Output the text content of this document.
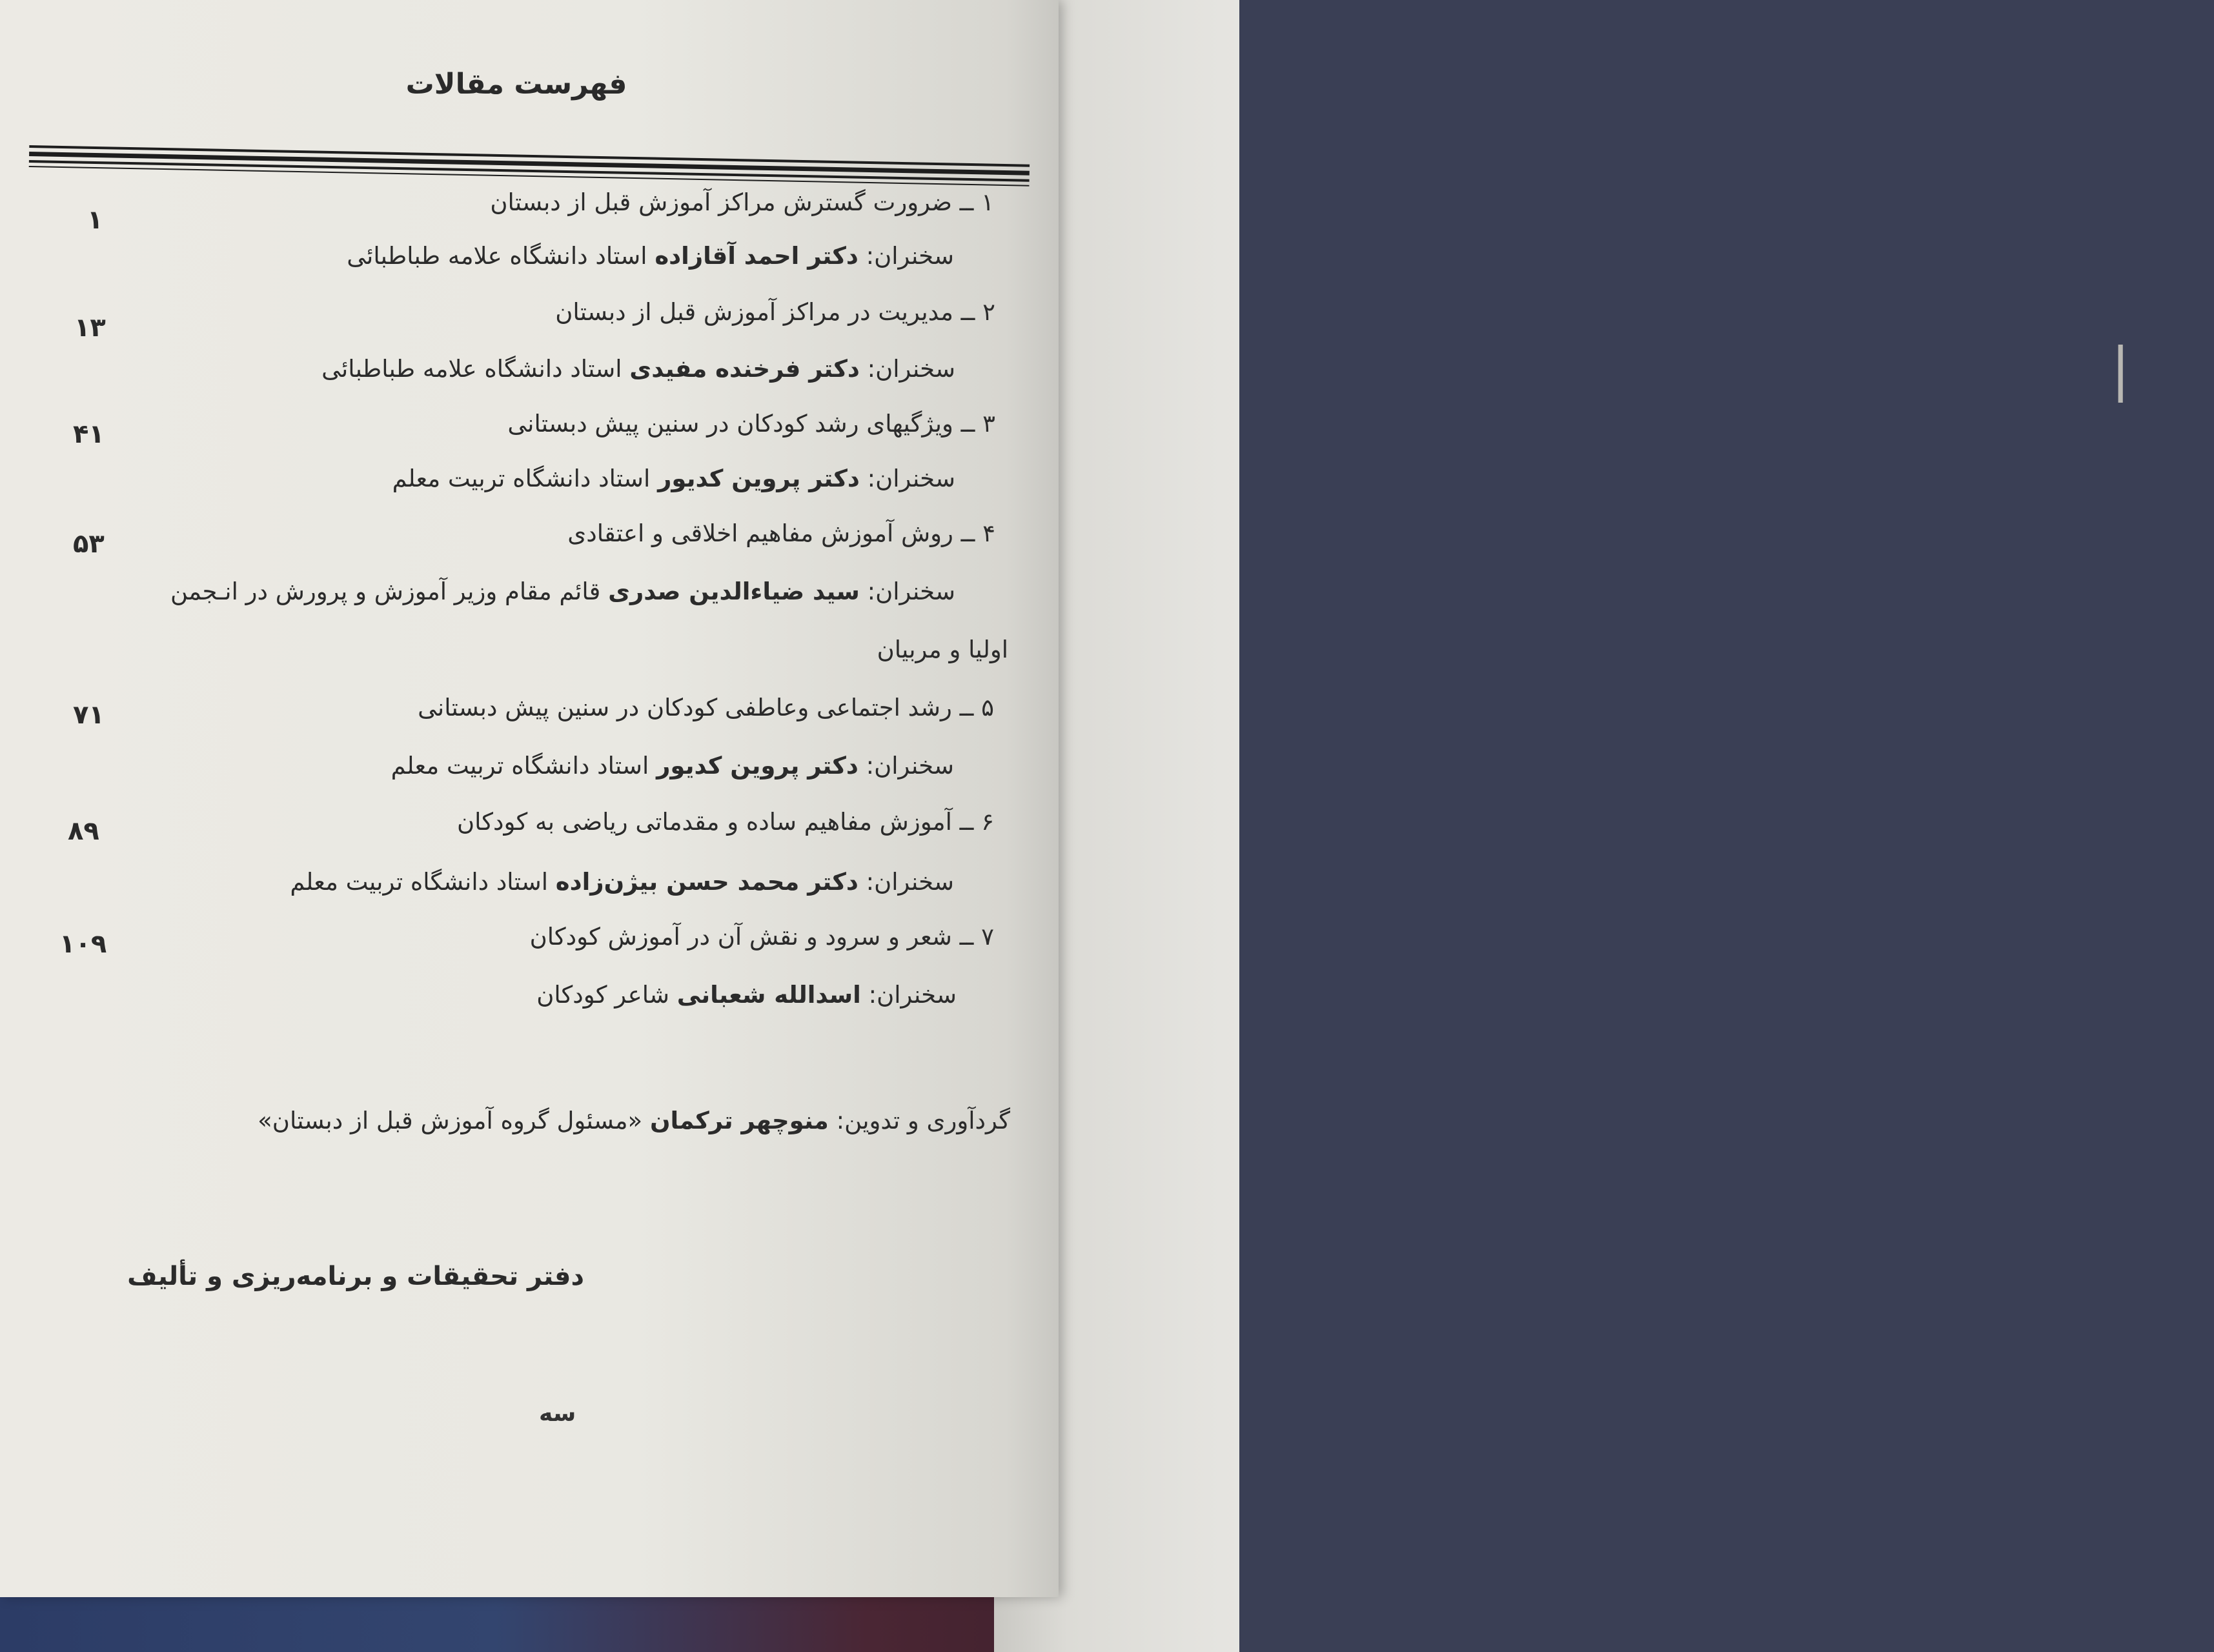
|
فهرست مقالات
۱ ــ ضرورت گسترش مراکز آموزش قبل از دبستان
۱
سخنران: دکتر احمد آقازاده استاد دانشگاه علامه طباطبائی
۲ ــ مدیریت در مراکز آموزش قبل از دبستان
۱۳
سخنران: دکتر فرخنده مفیدی استاد دانشگاه علامه طباطبائی
۳ ــ ویژگیهای رشد کودکان در سنین پیش دبستانی
۴۱
سخنران: دکتر پروین کدیور استاد دانشگاه تربیت معلم
۴ ــ روش آموزش مفاهیم اخلاقی و اعتقادی
۵۳
سخنران: سید ضیاءالدین صدری قائم مقام وزیر آموزش و پرورش در انـجمن
اولیا و مربیان
۵ ــ رشد اجتماعی وعاطفی کودکان در سنین پیش دبستانی
۷۱
سخنران: دکتر پروین کدیور استاد دانشگاه تربیت معلم
۶ ــ آموزش مفاهیم ساده و مقدماتی ریاضی به کودکان
۸۹
سخنران: دکتر محمد حسن بیژن‌زاده استاد دانشگاه تربیت معلم
۷ ــ شعر و سرود و نقش آن در آموزش کودکان
۱۰۹
سخنران: اسدالله شعبانی شاعر کودکان
گردآوری و تدوین: منوچهر ترکمان «مسئول گروه آموزش قبل از دبستان»
دفتر تحقیقات و برنامه‌ریزی و تألیف
سه
